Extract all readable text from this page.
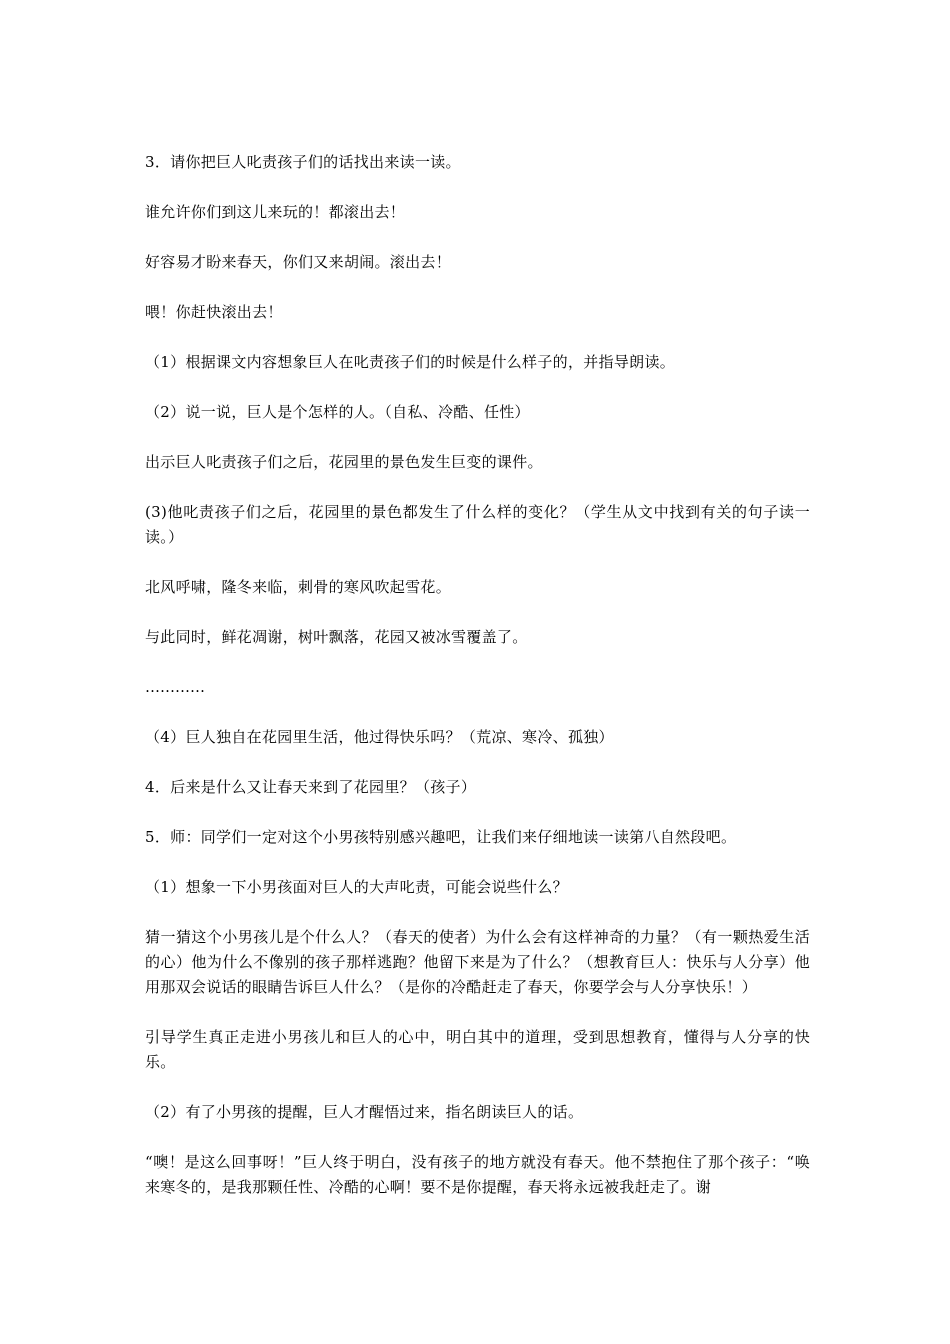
3．请你把巨人叱责孩子们的话找出来读一读。

谁允许你们到这儿来玩的！都滚出去！

好容易才盼来春天，你们又来胡闹。滚出去！

喂！你赶快滚出去！

（1）根据课文内容想象巨人在叱责孩子们的时候是什么样子的，并指导朗读。

（2）说一说，巨人是个怎样的人。（自私、冷酷、任性）

出示巨人叱责孩子们之后，花园里的景色发生巨变的课件。

(3)他叱责孩子们之后，花园里的景色都发生了什么样的变化？（学生从文中找到有关的句子读一读。）

北风呼啸，隆冬来临，刺骨的寒风吹起雪花。

与此同时，鲜花凋谢，树叶飘落，花园又被冰雪覆盖了。

…………

（4）巨人独自在花园里生活，他过得快乐吗？（荒凉、寒冷、孤独）

4．后来是什么又让春天来到了花园里？（孩子）

5．师：同学们一定对这个小男孩特别感兴趣吧，让我们来仔细地读一读第八自然段吧。

（1）想象一下小男孩面对巨人的大声叱责，可能会说些什么？

猜一猜这个小男孩儿是个什么人？（春天的使者）为什么会有这样神奇的力量？（有一颗热爱生活的心）他为什么不像别的孩子那样逃跑？他留下来是为了什么？（想教育巨人：快乐与人分享）他用那双会说话的眼睛告诉巨人什么？（是你的冷酷赶走了春天，你要学会与人分享快乐！）

引导学生真正走进小男孩儿和巨人的心中，明白其中的道理，受到思想教育，懂得与人分享的快乐。

（2）有了小男孩的提醒，巨人才醒悟过来，指名朗读巨人的话。

“噢！是这么回事呀！”巨人终于明白，没有孩子的地方就没有春天。他不禁抱住了那个孩子：“唤来寒冬的，是我那颗任性、冷酷的心啊！要不是你提醒，春天将永远被我赶走了。谢
